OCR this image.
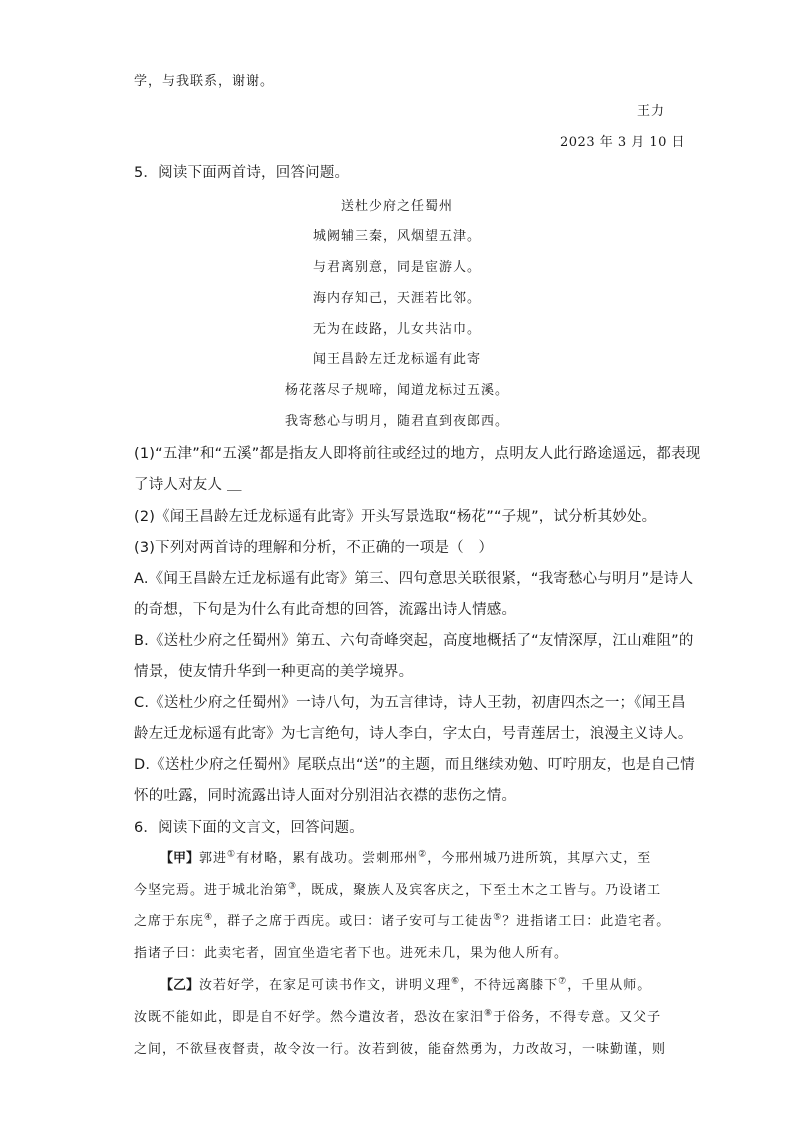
学，与我联系，谢谢。
王力
2023 年 3 月 10 日
5．阅读下面两首诗，回答问题。
送杜少府之任蜀州
城阙辅三秦，风烟望五津。
与君离别意，同是宦游人。
海内存知己，天涯若比邻。
无为在歧路，儿女共沾巾。
闻王昌龄左迁龙标遥有此寄
杨花落尽子规啼，闻道龙标过五溪。
我寄愁心与明月，随君直到夜郎西。
(1)“五津”和“五溪”都是指友人即将前往或经过的地方，点明友人此行路途遥远，都表现
了诗人对友人 ＿
(2)《闻王昌龄左迁龙标遥有此寄》开头写景选取“杨花”“子规”，试分析其妙处。
(3)下列对两首诗的理解和分析，不正确的一项是（　）
A.《闻王昌龄左迁龙标遥有此寄》第三、四句意思关联很紧，“我寄愁心与明月”是诗人
的奇想，下句是为什么有此奇想的回答，流露出诗人情感。
B.《送杜少府之任蜀州》第五、六句奇峰突起，高度地概括了“友情深厚，江山难阻”的
情景，使友情升华到一种更高的美学境界。
C.《送杜少府之任蜀州》一诗八句，为五言律诗，诗人王勃，初唐四杰之一；《闻王昌
龄左迁龙标遥有此寄》为七言绝句，诗人李白，字太白，号青莲居士，浪漫主义诗人。
D.《送杜少府之任蜀州》尾联点出“送”的主题，而且继续劝勉、叮咛朋友，也是自己情
怀的吐露，同时流露出诗人面对分别泪沾衣襟的悲伤之情。
6．阅读下面的文言文，回答问题。
【甲】郭进①有材略，累有战功。尝刺邢州②，今邢州城乃进所筑，其厚六丈，至
今坚完焉。进于城北治第③，既成，聚族人及宾客庆之，下至土木之工皆与。乃设诸工
之席于东庑④，群子之席于西庑。或曰：诸子安可与工徒齿⑤？进指诸工曰：此造宅者。
指诸子曰：此卖宅者，固宜坐造宅者下也。进死未几，果为他人所有。
【乙】汝若好学，在家足可读书作文，讲明义理⑥，不待远离膝下⑦，千里从师。
汝既不能如此，即是自不好学。然今遣汝者，恐汝在家汨⑧于俗务，不得专意。又父子
之间，不欲昼夜督责，故令汝一行。汝若到彼，能奋然勇为，力改故习，一味勤谨，则
